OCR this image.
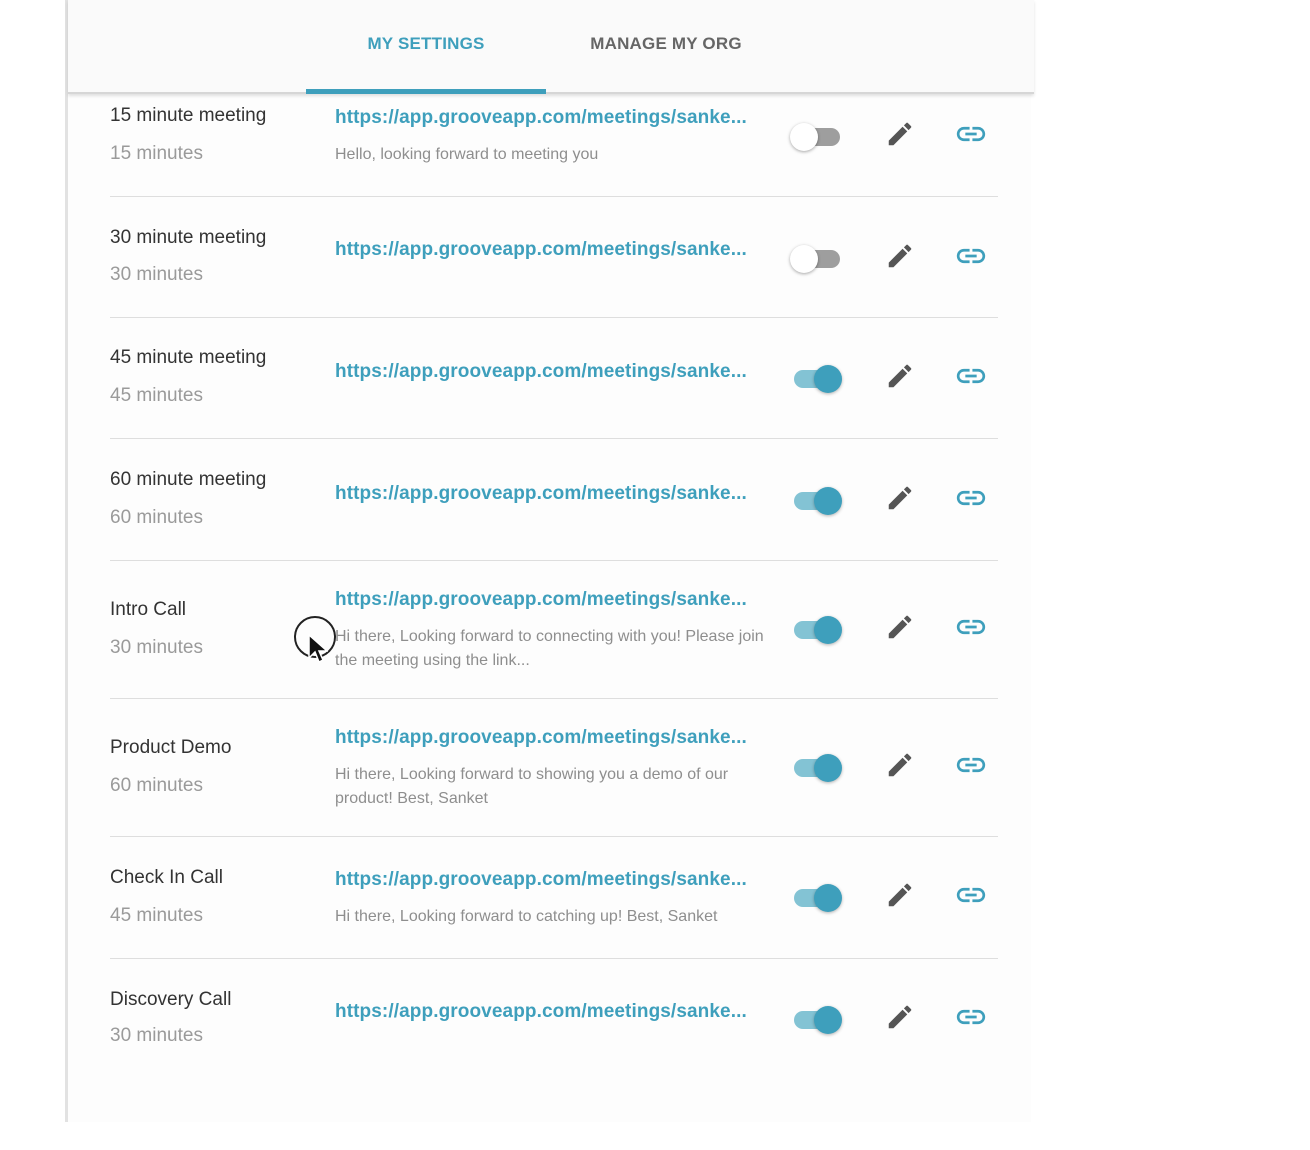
MY SETTINGS	MANAGE MY ORG
15 minute meeting
15 minutes
https://app.grooveapp.com/meetings/sanke...
Hello, looking forward to meeting you
30 minute meeting
30 minutes
https://app.grooveapp.com/meetings/sanke...
45 minute meeting
45 minutes
https://app.grooveapp.com/meetings/sanke...
60 minute meeting
60 minutes
https://app.grooveapp.com/meetings/sanke...
Intro Call
30 minutes
https://app.grooveapp.com/meetings/sanke...
Hi there, Looking forward to connecting with you! Please join the meeting using the link...
Product Demo
60 minutes
https://app.grooveapp.com/meetings/sanke...
Hi there, Looking forward to showing you a demo of our product! Best, Sanket
Check In Call
45 minutes
https://app.grooveapp.com/meetings/sanke...
Hi there, Looking forward to catching up! Best, Sanket
Discovery Call
30 minutes
https://app.grooveapp.com/meetings/sanke...
